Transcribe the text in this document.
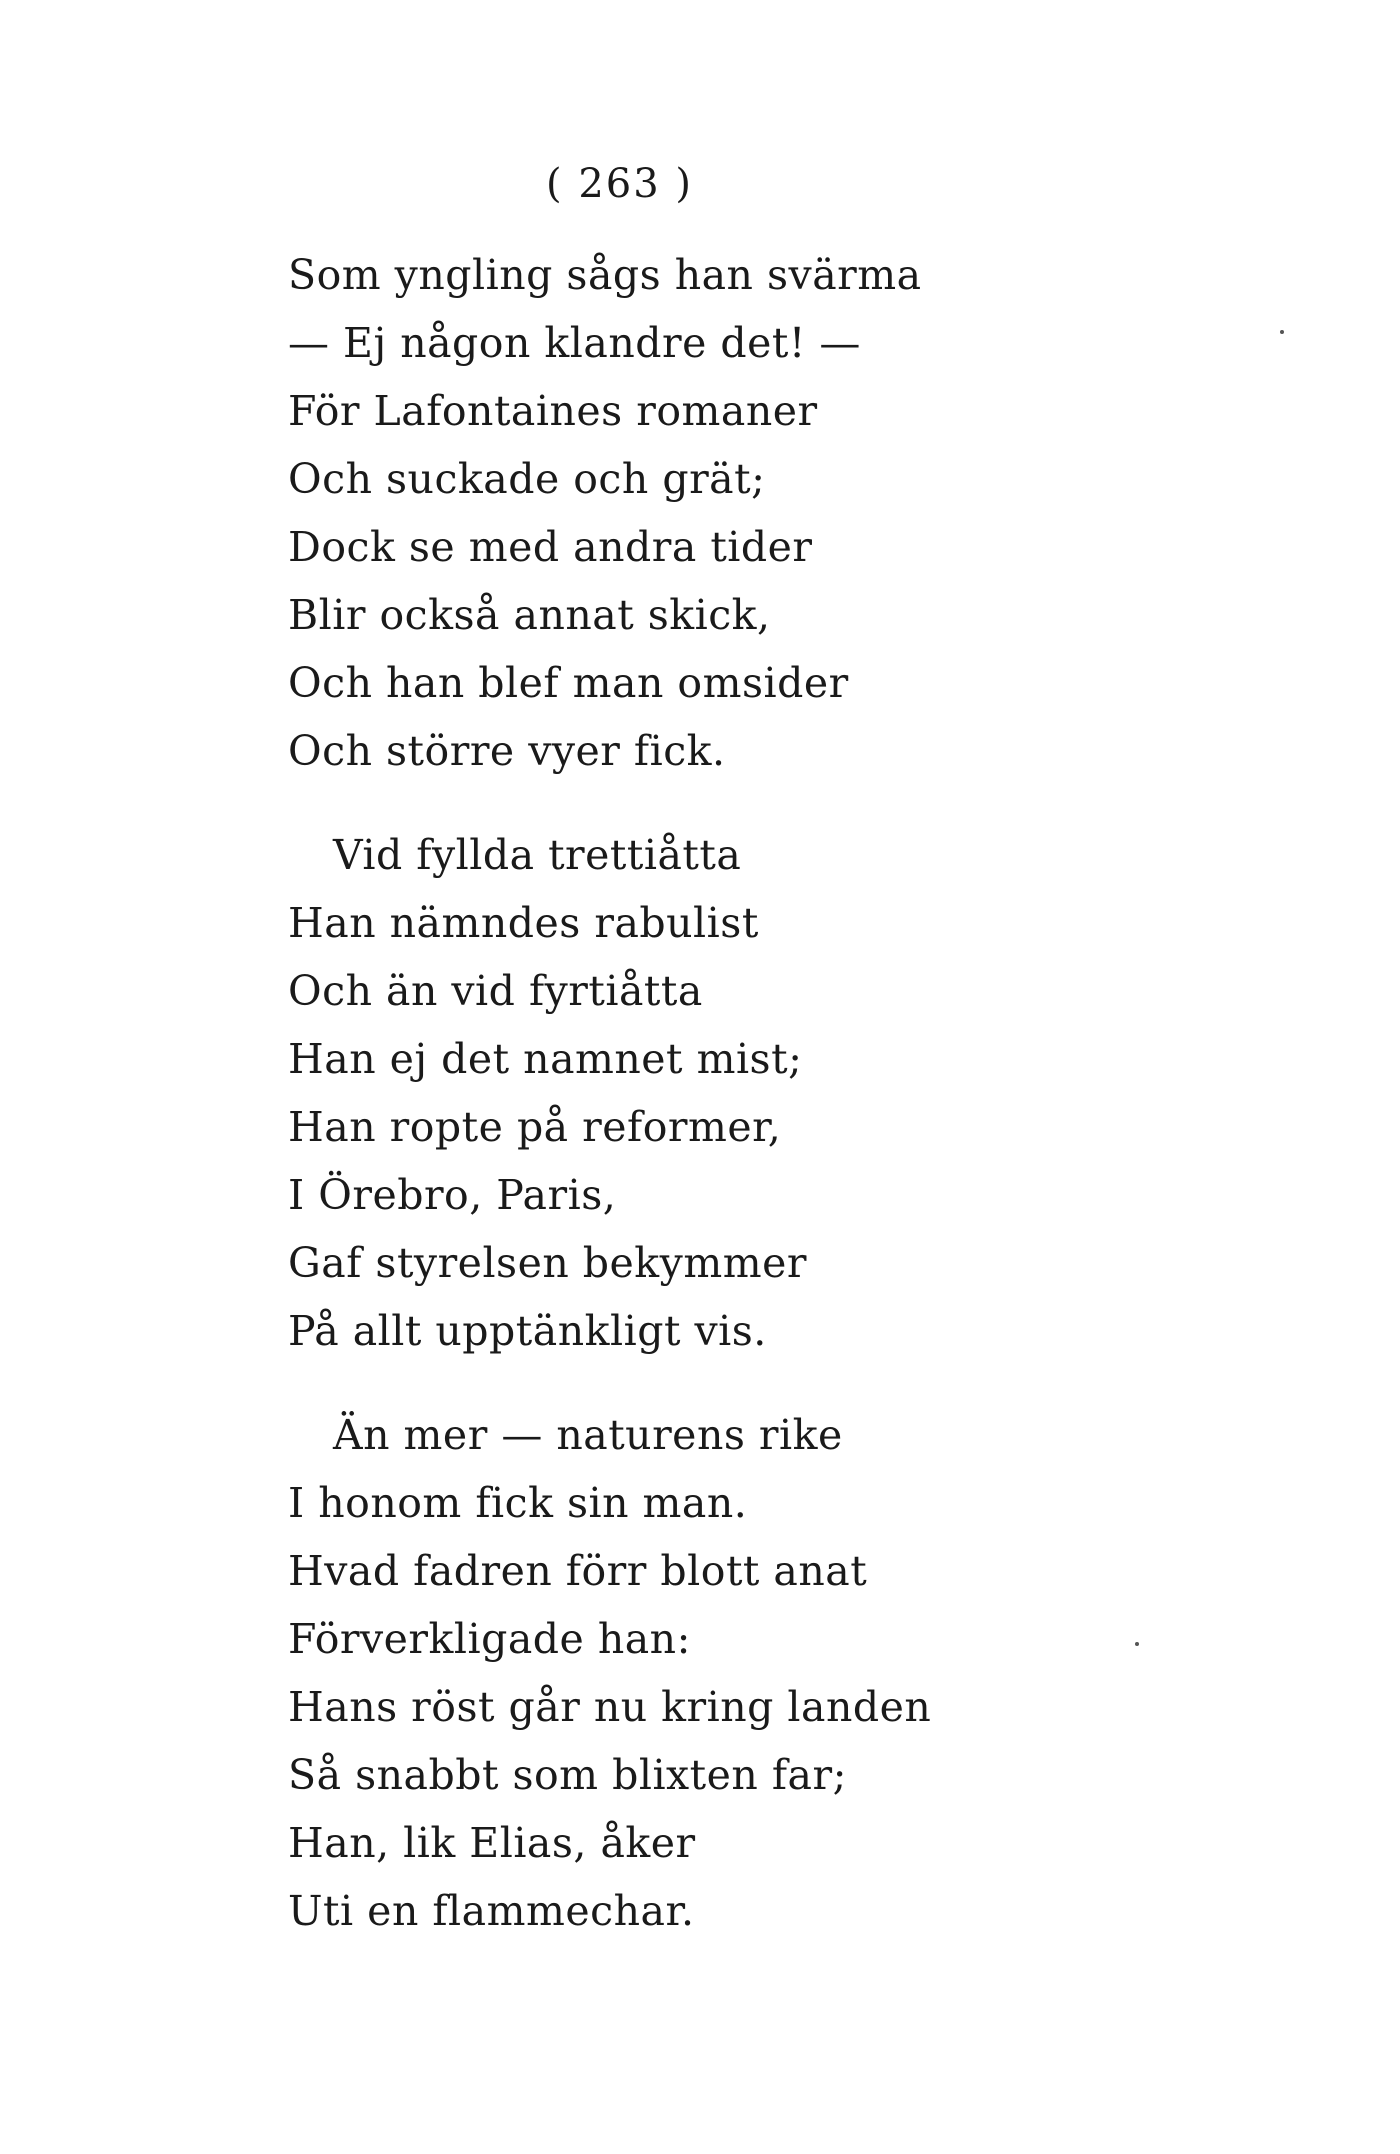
( 263 )
Som yngling sågs han svärma
— Ej någon klandre det! —
För Lafontaines romaner
Och suckade och grät;
Dock se med andra tider
Blir också annat skick,
Och han blef man omsider
Och större vyer fick.
Vid fyllda trettiåtta
Han nämndes rabulist
Och än vid fyrtiåtta
Han ej det namnet mist;
Han ropte på reformer,
I Örebro, Paris,
Gaf styrelsen bekymmer
På allt upptänkligt vis.
Än mer — naturens rike
I honom fick sin man.
Hvad fadren förr blott anat
Förverkligade han:
Hans röst går nu kring landen
Så snabbt som blixten far;
Han, lik Elias, åker
Uti en flammechar.
